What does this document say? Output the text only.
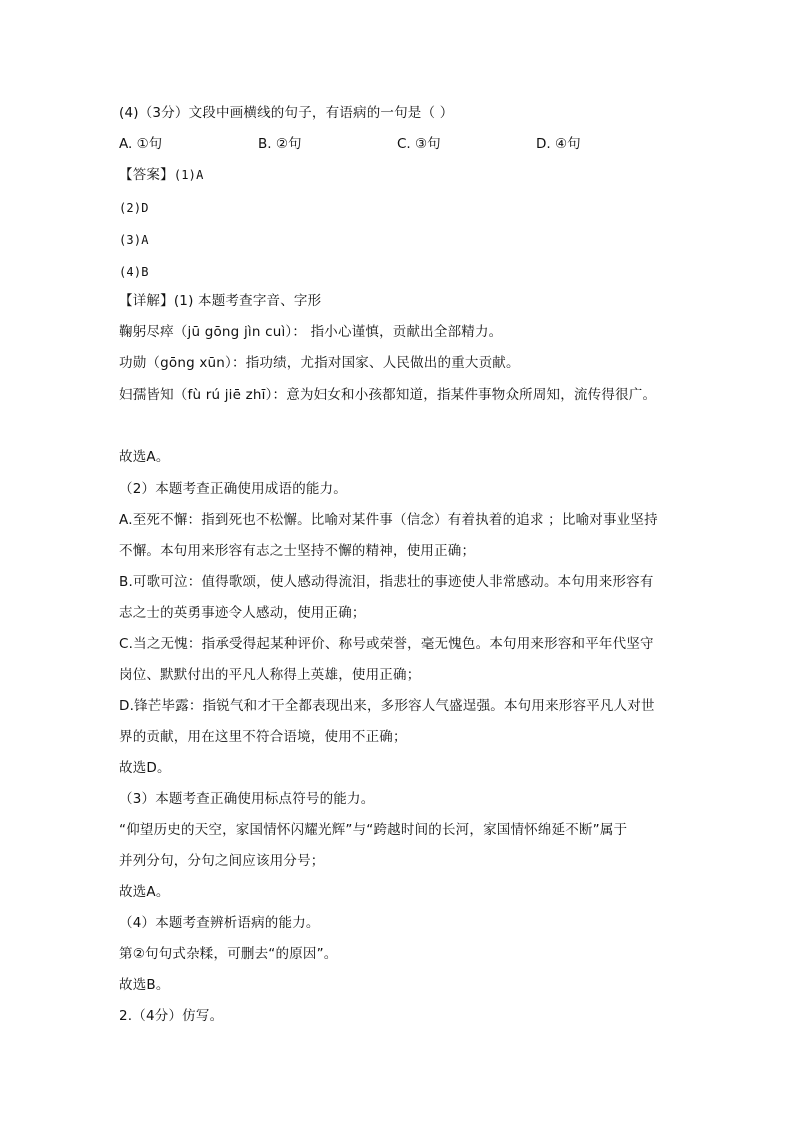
(4)（3分）文段中画横线的句子，有语病的一句是（ ）
A. ①句	B. ②句	C. ③句	D. ④句
【答案】(1)A
(2)D
(3)A
(4)B
【详解】(1) 本题考查字音、字形
鞠躬尽瘁（jū gōng jìn cuì）： 指小心谨慎，贡献出全部精力。
功勋（gōng xūn）：指功绩，尤指对国家、人民做出的重大贡献。
妇孺皆知（fù rú jiē zhī）：意为妇女和小孩都知道，指某件事物众所周知，流传得很广。
故选A。
（2）本题考查正确使用成语的能力。
A.至死不懈：指到死也不松懈。比喻对某件事（信念）有着执着的追求 ；比喻对事业坚持
不懈。本句用来形容有志之士坚持不懈的精神，使用正确；
B.可歌可泣：值得歌颂，使人感动得流泪，指悲壮的事迹使人非常感动。本句用来形容有
志之士的英勇事迹令人感动，使用正确；
C.当之无愧：指承受得起某种评价、称号或荣誉，毫无愧色。本句用来形容和平年代坚守
岗位、默默付出的平凡人称得上英雄，使用正确；
D.锋芒毕露：指锐气和才干全都表现出来，多形容人气盛逞强。本句用来形容平凡人对世
界的贡献，用在这里不符合语境，使用不正确；
故选D。
（3）本题考查正确使用标点符号的能力。
“仰望历史的天空，家国情怀闪耀光辉”与“跨越时间的长河，家国情怀绵延不断”属于
并列分句，分句之间应该用分号；
故选A。
（4）本题考查辨析语病的能力。
第②句句式杂糅，可删去“的原因”。
故选B。
2.（4分）仿写。
